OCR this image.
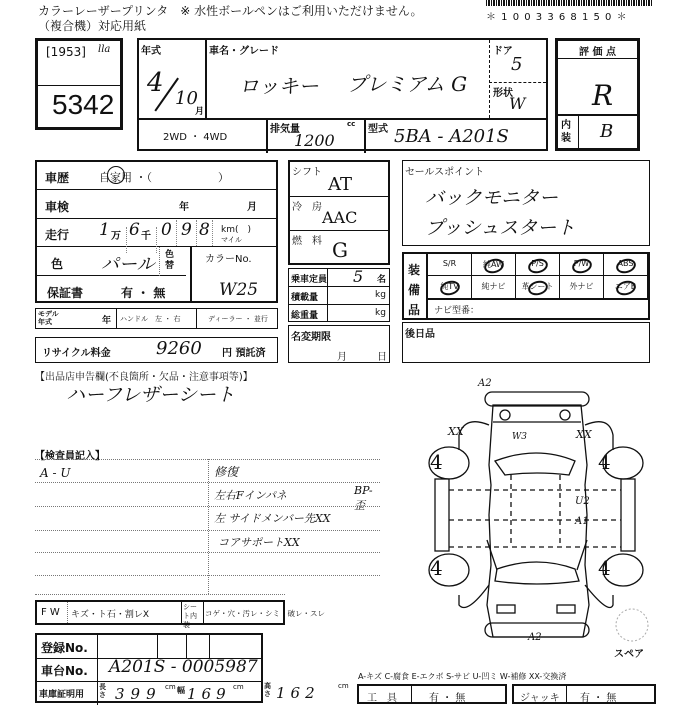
カラーレーザープリンタ　※ 水性ボールペンはご利用いただけません。
（複合機）対応用紙
＊ 1 0 0 3 3 6 8 1 5 0 ＊
[1953] lla
5342
年式
4
10
月
車名・グレード
ロッキー プレミアム G
ドア
5
形状
W
2WD ・ 4WD
排気量	cc
1200
型式 5BA - A201S
評 価 点
R
内装 B
車歴	自家用 ・（　　　　　　）
車検	年	月
走行 1 万 6 千 0 9 8	km(　)
マイル
色 パール 色替
カラーNo.
W25
保証書	有 ・ 無
モデル年式	年 ハンドル　左 ・ 右	ディーラー ・ 並行
リサイクル料金	9260 円 預託済
シフト
AT
冷　房
AAC
燃　料 G
乗車定員 5 名
積載量	kg
総重量	kg
名変期限
月	日
セールスポイント
バックモニター
プッシュスタート
装備品
S/R	純AW	P/S	P/W	ABS
純TV	純ナビ	革シート	外ナビ	エアB
ナビ型番：
後日品
【出品店申告欄(不良箇所・欠品・注意事項等)】
ハーフレザーシート
【検査員記入】
A - U	修復
左右Fインパネ
左 サイドメンバー先XX
コアサポートXX
BP-歪
A2
XX	XX
W3
U2
A1
4	4
4	4
A2
スペア
F W キズ・ト石・割レX
シート内装
コゲ・穴・汚レ・シミ・破レ・スレ
登録No.
車台No. A201S - 0005987
車庫証明用
長さ 399 cm 幅 169 cm	高さ 162	cm
A-キズ C-腐食 E-エクボ S-サビ U-凹ミ W-補修 XX-交換済
工　具	有 ・ 無	ジャッキ 有 ・ 無
